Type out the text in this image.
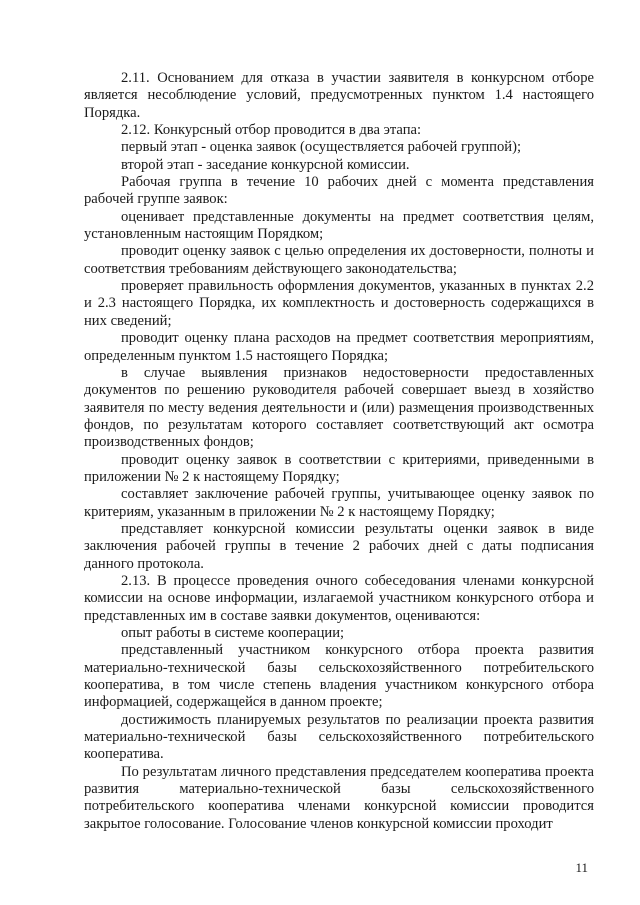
2.11. Основанием для отказа в участии заявителя в конкурсном отборе является несоблюдение условий, предусмотренных пунктом 1.4 настоящего Порядка.

2.12. Конкурсный отбор проводится в два этапа:

первый этап - оценка заявок (осуществляется рабочей группой);

второй этап - заседание конкурсной комиссии.

Рабочая группа в течение 10 рабочих дней с момента представления рабочей группе заявок:

оценивает представленные документы на предмет соответствия целям, установленным настоящим Порядком;

проводит оценку заявок с целью определения их достоверности, полноты и соответствия требованиям действующего законодательства;

проверяет правильность оформления документов, указанных в пунктах 2.2 и 2.3 настоящего Порядка, их комплектность и достоверность содержащихся в них сведений;

проводит оценку плана расходов на предмет соответствия мероприятиям, определенным пунктом 1.5 настоящего Порядка;

в случае выявления признаков недостоверности предоставленных документов по решению руководителя рабочей совершает выезд в хозяйство заявителя по месту ведения деятельности и (или) размещения производственных фондов, по результатам которого составляет соответствующий акт осмотра производственных фондов;

проводит оценку заявок в соответствии с критериями, приведенными в приложении № 2 к настоящему Порядку;

составляет заключение рабочей группы, учитывающее оценку заявок по критериям, указанным в приложении № 2 к настоящему Порядку;

представляет конкурсной комиссии результаты оценки заявок в виде заключения рабочей группы в течение 2 рабочих дней с даты подписания данного протокола.

2.13. В процессе проведения очного собеседования членами конкурсной комиссии на основе информации, излагаемой участником конкурсного отбора и представленных им в составе заявки документов, оцениваются:

опыт работы в системе кооперации;

представленный участником конкурсного отбора проекта развития материально-технической базы сельскохозяйственного потребительского кооператива, в том числе степень владения участником конкурсного отбора информацией, содержащейся в данном проекте;

достижимость планируемых результатов по реализации проекта развития материально-технической базы сельскохозяйственного потребительского кооператива.

По результатам личного представления председателем кооператива проекта развития материально-технической базы сельскохозяйственного потребительского кооператива членами конкурсной комиссии проводится закрытое голосование. Голосование членов конкурсной комиссии проходит

11
